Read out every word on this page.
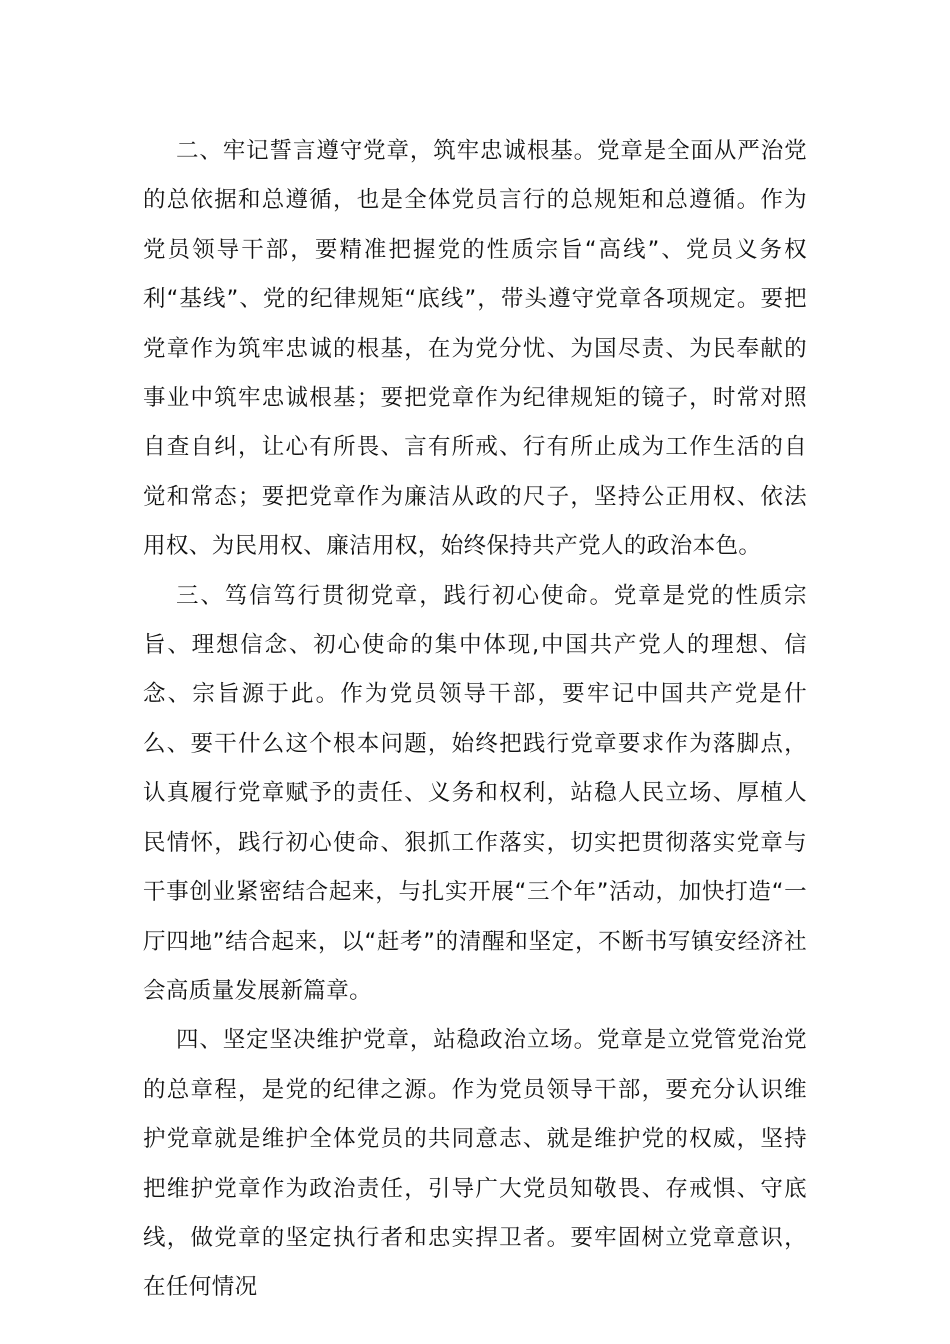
二、牢记誓言遵守党章，筑牢忠诚根基。党章是全面从严治党的总依据和总遵循，也是全体党员言行的总规矩和总遵循。作为党员领导干部，要精准把握党的性质宗旨“高线”、党员义务权利“基线”、党的纪律规矩“底线”，带头遵守党章各项规定。要把党章作为筑牢忠诚的根基，在为党分忧、为国尽责、为民奉献的事业中筑牢忠诚根基；要把党章作为纪律规矩的镜子，时常对照自查自纠，让心有所畏、言有所戒、行有所止成为工作生活的自觉和常态；要把党章作为廉洁从政的尺子，坚持公正用权、依法用权、为民用权、廉洁用权，始终保持共产党人的政治本色。

三、笃信笃行贯彻党章，践行初心使命。党章是党的性质宗旨、理想信念、初心使命的集中体现,中国共产党人的理想、信念、宗旨源于此。作为党员领导干部，要牢记中国共产党是什么、要干什么这个根本问题，始终把践行党章要求作为落脚点，认真履行党章赋予的责任、义务和权利，站稳人民立场、厚植人民情怀，践行初心使命、狠抓工作落实，切实把贯彻落实党章与干事创业紧密结合起来，与扎实开展“三个年”活动，加快打造“一厅四地”结合起来，以“赶考”的清醒和坚定，不断书写镇安经济社会高质量发展新篇章。

四、坚定坚决维护党章，站稳政治立场。党章是立党管党治党的总章程，是党的纪律之源。作为党员领导干部，要充分认识维护党章就是维护全体党员的共同意志、就是维护党的权威，坚持把维护党章作为政治责任，引导广大党员知敬畏、存戒惧、守底线，做党章的坚定执行者和忠实捍卫者。要牢固树立党章意识，在任何情况
